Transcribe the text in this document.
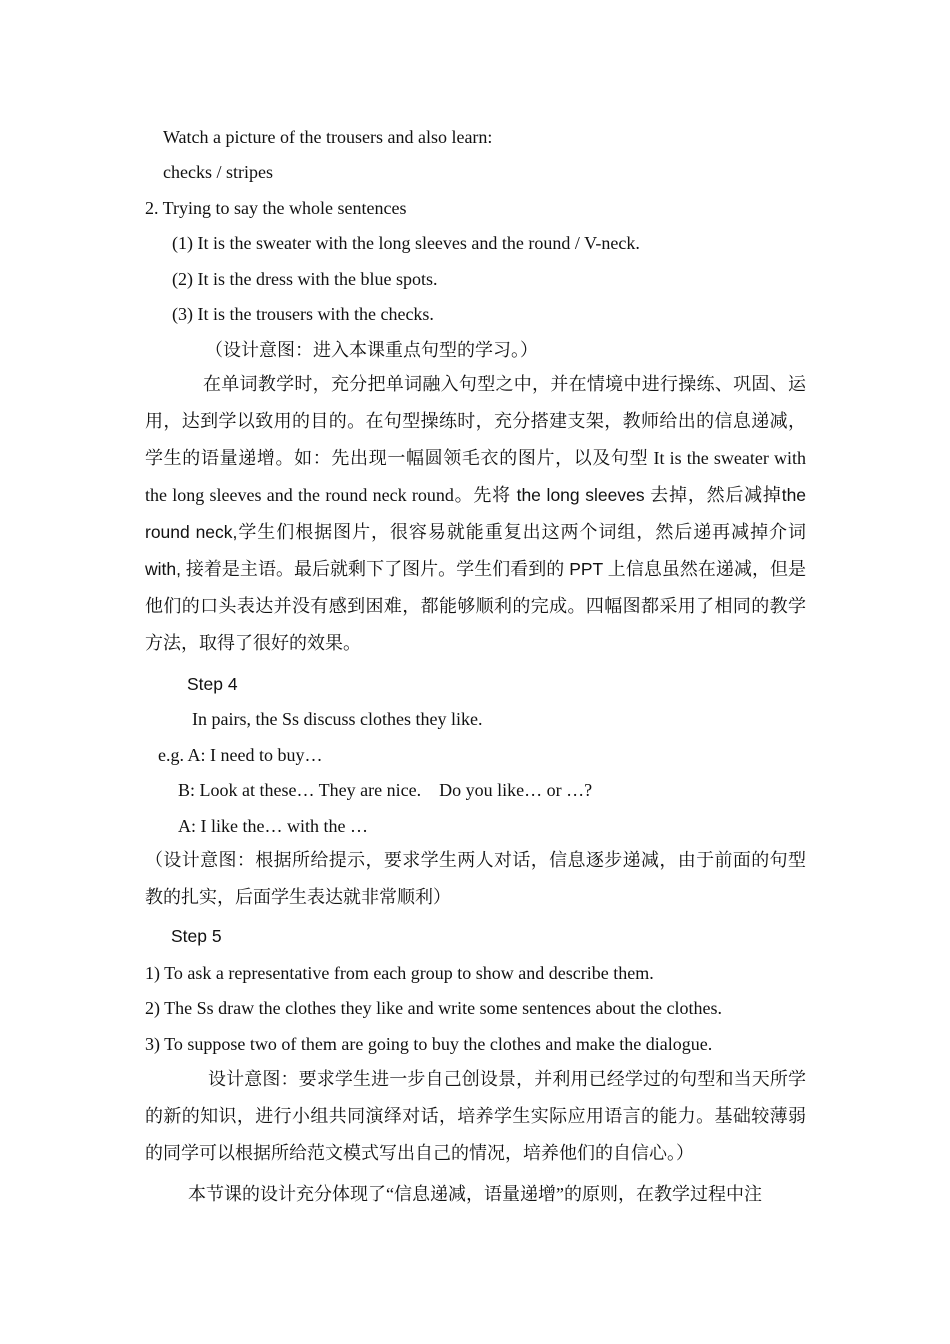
Watch a picture of the trousers and also learn:

checks / stripes

2. Trying to say the whole sentences

(1) It is the sweater with the long sleeves and the round / V-neck.

(2) It is the dress with the blue spots.

(3) It is the trousers with the checks.

（设计意图：进入本课重点句型的学习。）

在单词教学时，充分把单词融入句型之中，并在情境中进行操练、巩固、运用，达到学以致用的目的。在句型操练时，充分搭建支架，教师给出的信息递减，学生的语量递增。如：先出现一幅圆领毛衣的图片，以及句型 It is the sweater with the long sleeves and the round neck round。先将 the long sleeves 去掉，然后减掉the round neck,学生们根据图片，很容易就能重复出这两个词组，然后递再减掉介词 with, 接着是主语。最后就剩下了图片。学生们看到的 PPT 上信息虽然在递减，但是他们的口头表达并没有感到困难，都能够顺利的完成。四幅图都采用了相同的教学方法，取得了很好的效果。

Step 4

In pairs, the Ss discuss clothes they like.

e.g. A: I need to buy…

B: Look at these… They are nice.    Do you like… or …?

A: I like the… with the …

（设计意图：根据所给提示，要求学生两人对话，信息逐步递减，由于前面的句型教的扎实，后面学生表达就非常顺利）

Step 5

1) To ask a representative from each group to show and describe them.

2) The Ss draw the clothes they like and write some sentences about the clothes.

3) To suppose two of them are going to buy the clothes and make the dialogue.

设计意图：要求学生进一步自己创设景，并利用已经学过的句型和当天所学的新的知识，进行小组共同演绎对话，培养学生实际应用语言的能力。基础较薄弱的同学可以根据所给范文模式写出自己的情况，培养他们的自信心。）

本节课的设计充分体现了“信息递减，语量递增”的原则，在教学过程中注
